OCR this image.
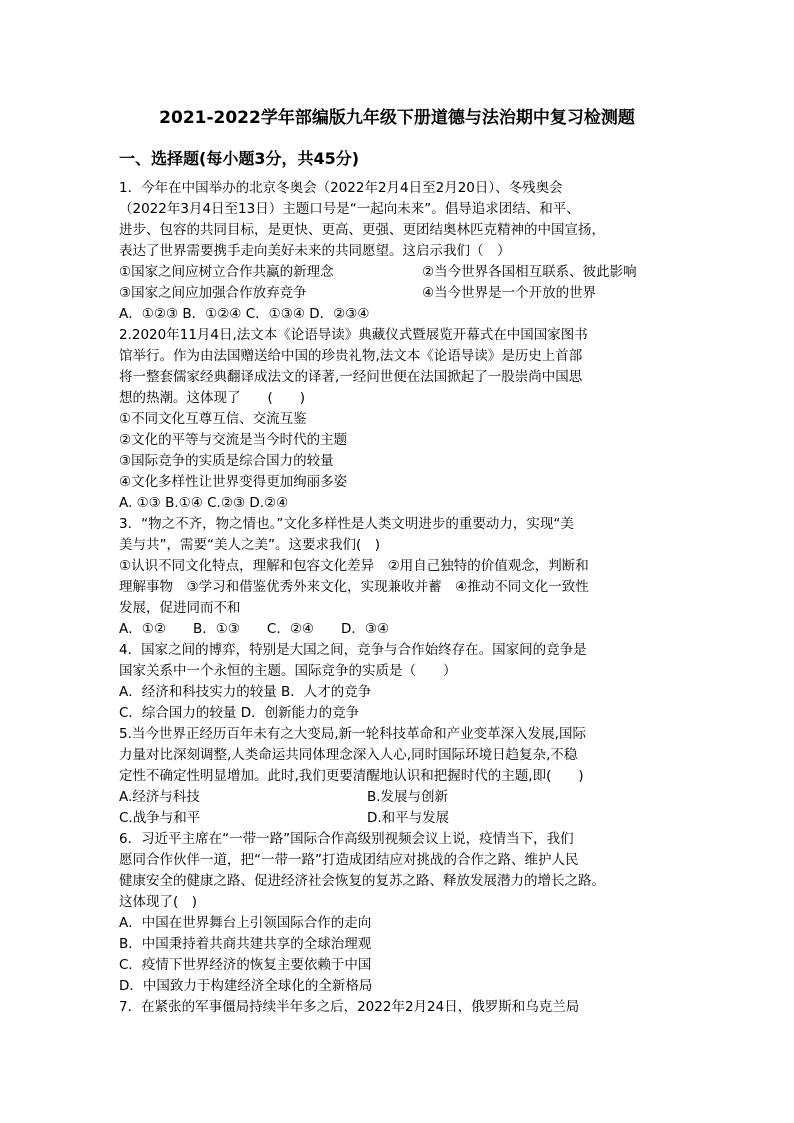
2021-2022学年部编版九年级下册道德与法治期中复习检测题
一、选择题(每小题3分，共45分)
1．今年在中国举办的北京冬奥会（2022年2月4日至2月20日）、冬残奥会
（2022年3月4日至13日）主题口号是“一起向未来”。倡导追求团结、和平、
进步、包容的共同目标，是更快、更高、更强、更团结奥林匹克精神的中国宣扬，
表达了世界需要携手走向美好未来的共同愿望。这启示我们（　）
①国家之间应树立合作共赢的新理念	②当今世界各国相互联系、彼此影响
③国家之间应加强合作放弃竞争	④当今世界是一个开放的世界
A．①②③ B．①②④ C．①③④ D．②③④
2.2020年11月4日,法文本《论语导读》典藏仪式暨展览开幕式在中国国家图书
馆举行。作为由法国赠送给中国的珍贵礼物,法文本《论语导读》是历史上首部
将一整套儒家经典翻译成法文的译著,一经问世便在法国掀起了一股崇尚中国思
想的热潮。这体现了　　(　　)
①不同文化互尊互信、交流互鉴
②文化的平等与交流是当今时代的主题
③国际竞争的实质是综合国力的较量
④文化多样性让世界变得更加绚丽多姿
A. ①③ B.①④ C.②③ D.②④
3．“物之不齐，物之情也。”文化多样性是人类文明进步的重要动力，实现“美
美与共”，需要“美人之美”。这要求我们(　)
①认识不同文化特点，理解和包容文化差异　②用自己独特的价值观念，判断和
理解事物　③学习和借鉴优秀外来文化，实现兼收并蓄　④推动不同文化一致性
发展，促进同而不和
A．①②　　B．①③　　C．②④　　D．③④
4．国家之间的博弈，特别是大国之间，竞争与合作始终存在。国家间的竞争是
国家关系中一个永恒的主题。国际竞争的实质是（　　）
A．经济和科技实力的较量 B．人才的竞争
C．综合国力的较量 D．创新能力的竞争
5.当今世界正经历百年未有之大变局,新一轮科技革命和产业变革深入发展,国际
力量对比深刻调整,人类命运共同体理念深入人心,同时国际环境日趋复杂,不稳
定性不确定性明显增加。此时,我们更要清醒地认识和把握时代的主题,即(　　)
A.经济与科技	B.发展与创新
C.战争与和平	D.和平与发展
6．习近平主席在“一带一路”国际合作高级别视频会议上说，疫情当下，我们
愿同合作伙伴一道，把“一带一路”打造成团结应对挑战的合作之路、维护人民
健康安全的健康之路、促进经济社会恢复的复苏之路、释放发展潜力的增长之路。
这体现了(　)
A．中国在世界舞台上引领国际合作的走向
B．中国秉持着共商共建共享的全球治理观
C．疫情下世界经济的恢复主要依赖于中国
D．中国致力于构建经济全球化的全新格局
7．在紧张的军事僵局持续半年多之后，2022年2月24日，俄罗斯和乌克兰局
